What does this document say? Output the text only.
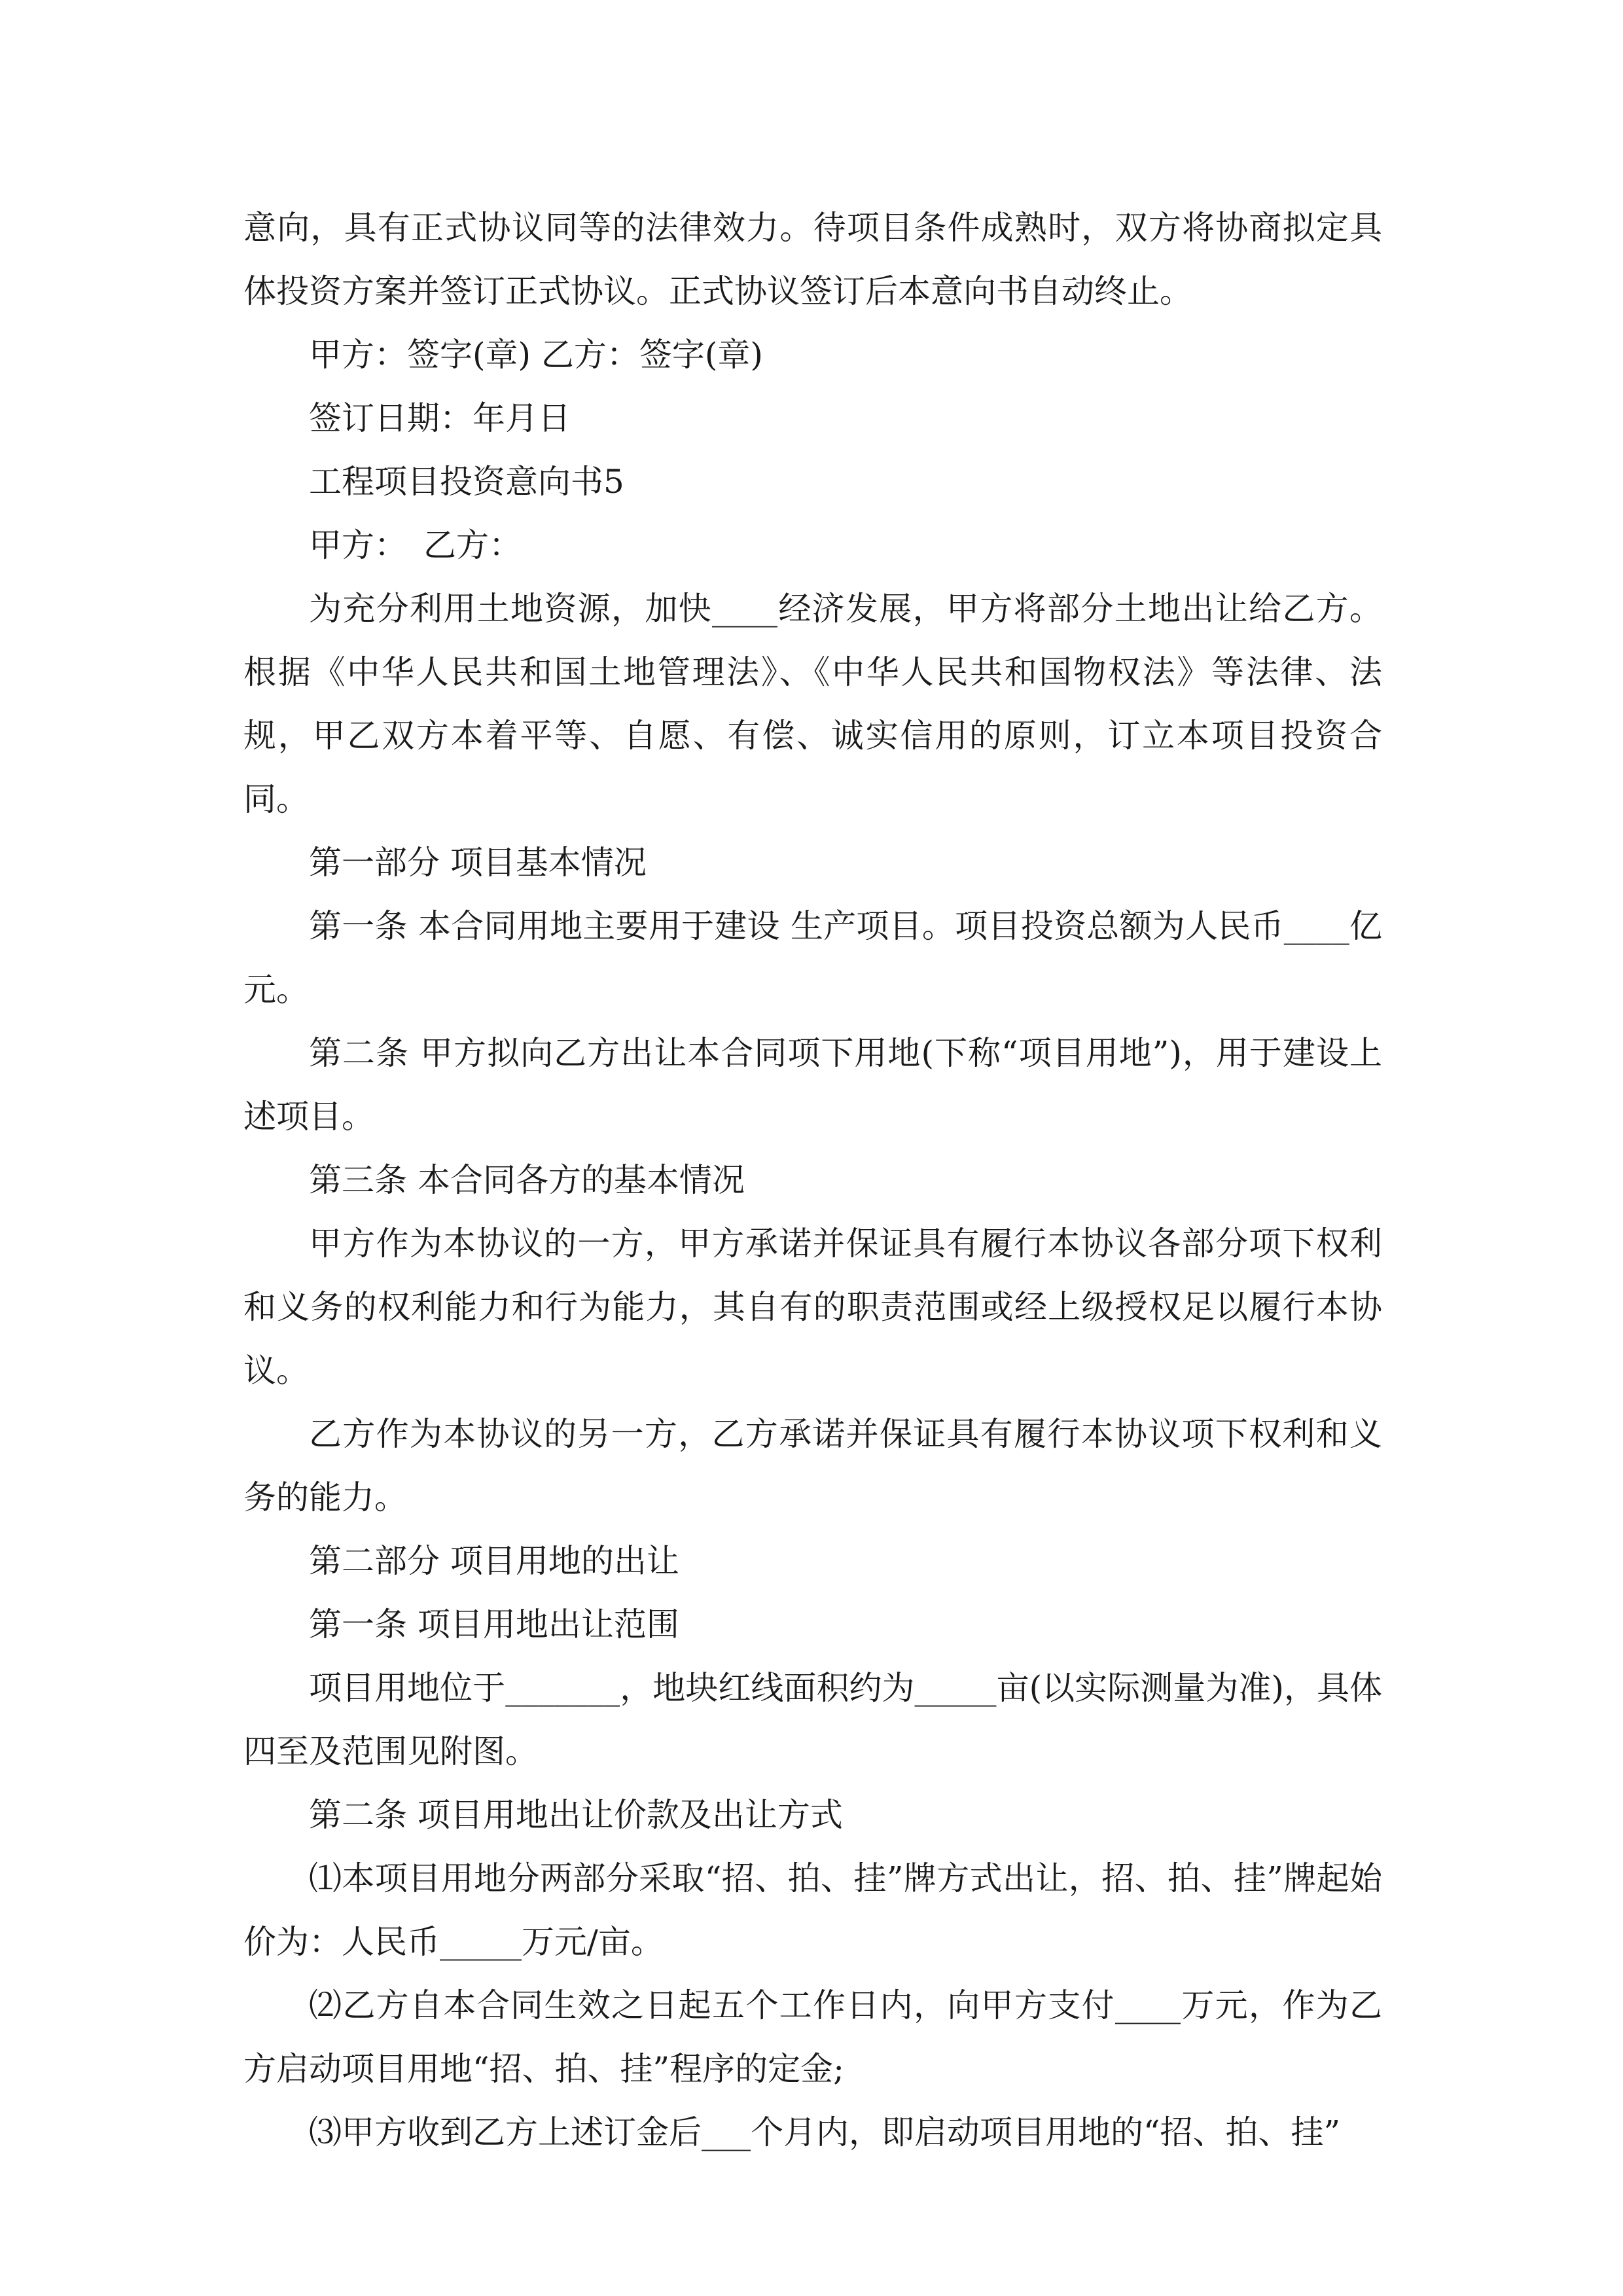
意向，具有正式协议同等的法律效力。待项目条件成熟时，双方将协商拟定具体投资方案并签订正式协议。正式协议签订后本意向书自动终止。

甲方：签字(章) 乙方：签字(章)

签订日期：年月日

工程项目投资意向书5

甲方：　乙方：

为充分利用土地资源，加快____经济发展，甲方将部分土地出让给乙方。根据《中华人民共和国土地管理法》、《中华人民共和国物权法》等法律、法规，甲乙双方本着平等、自愿、有偿、诚实信用的原则，订立本项目投资合同。

第一部分 项目基本情况

第一条 本合同用地主要用于建设 生产项目。项目投资总额为人民币____亿元。

第二条 甲方拟向乙方出让本合同项下用地(下称“项目用地”)，用于建设上述项目。

第三条 本合同各方的基本情况

甲方作为本协议的一方，甲方承诺并保证具有履行本协议各部分项下权利和义务的权利能力和行为能力，其自有的职责范围或经上级授权足以履行本协议。

乙方作为本协议的另一方，乙方承诺并保证具有履行本协议项下权利和义务的能力。

第二部分 项目用地的出让

第一条 项目用地出让范围

项目用地位于_______，地块红线面积约为_____亩(以实际测量为准)，具体四至及范围见附图。

第二条 项目用地出让价款及出让方式

⑴本项目用地分两部分采取“招、拍、挂”牌方式出让，招、拍、挂”牌起始价为：人民币_____万元/亩。

⑵乙方自本合同生效之日起五个工作日内，向甲方支付____万元，作为乙方启动项目用地“招、拍、挂”程序的定金;

⑶甲方收到乙方上述订金后___个月内，即启动项目用地的“招、拍、挂”
